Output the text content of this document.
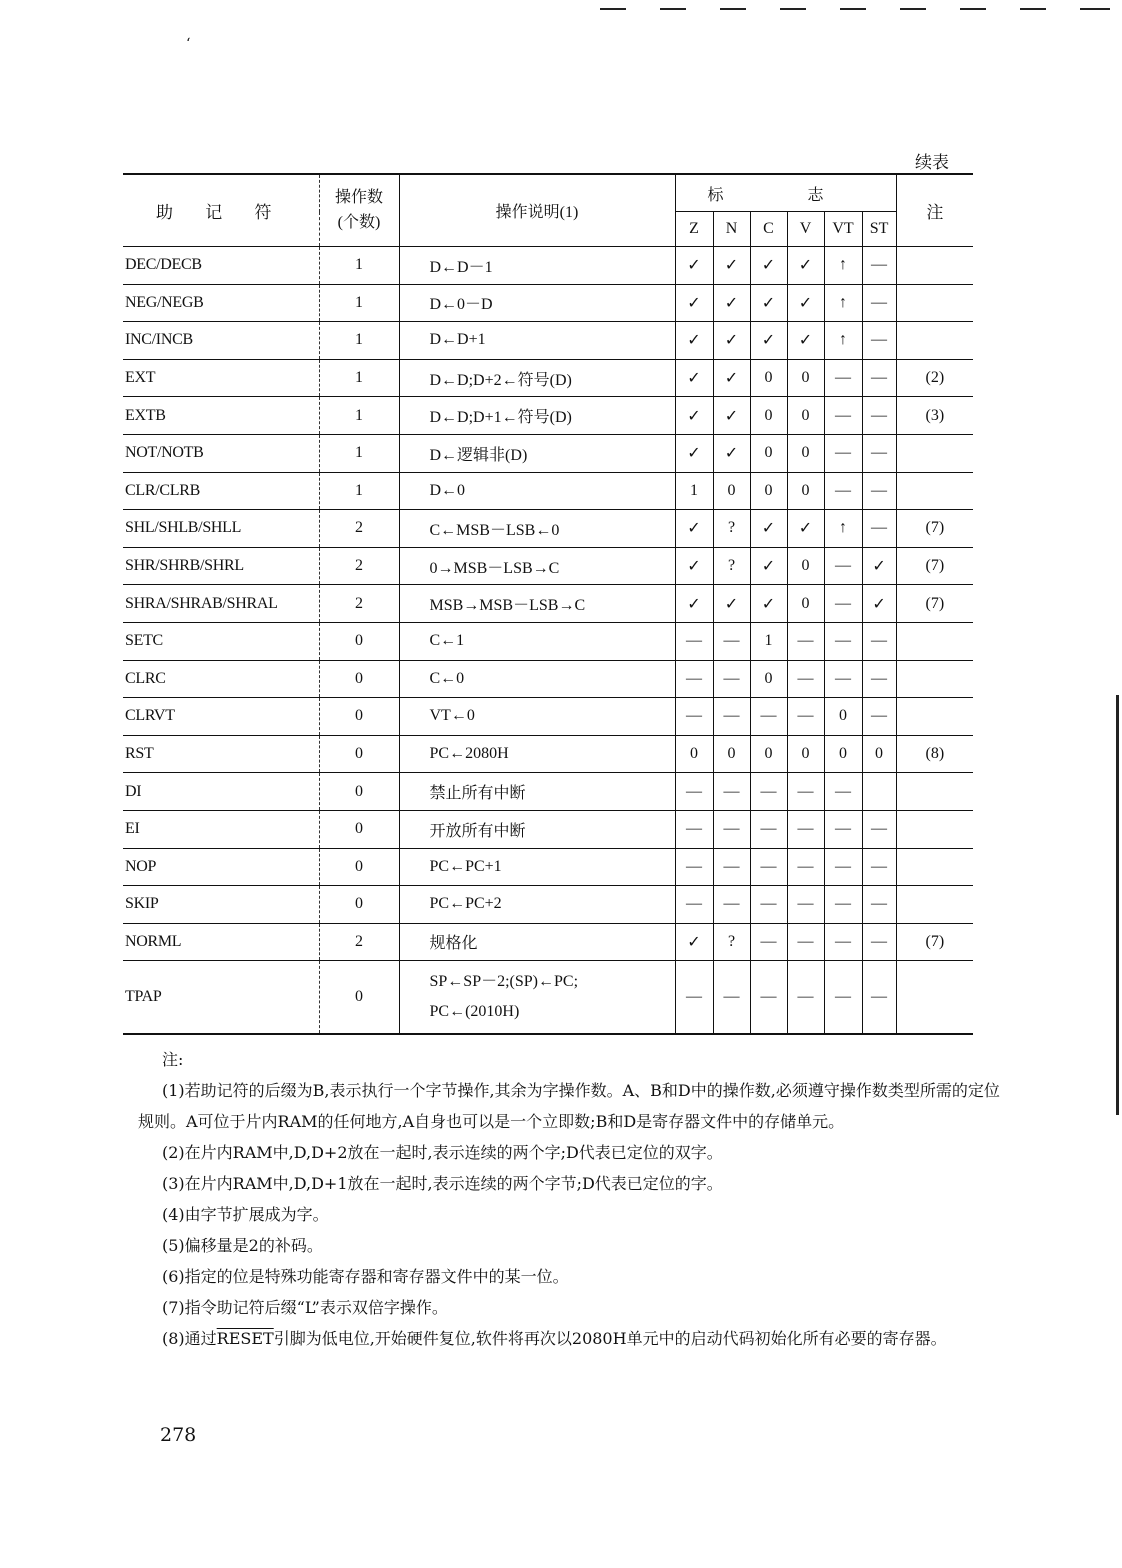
‘
续表
助 记 符	操作数
(个数)	操作说明(1)	标 志						注
			Z	N	C	V	VT	ST	
DEC/DECB	1	D←D－1	✓	✓	✓	✓	↑	—	
NEG/NEGB	1	D←0－D	✓	✓	✓	✓	↑	—	
INC/INCB	1	D←D+1	✓	✓	✓	✓	↑	—	
EXT	1	D←D;D+2←符号(D)	✓	✓	0	0	—	—	(2)
EXTB	1	D←D;D+1←符号(D)	✓	✓	0	0	—	—	(3)
NOT/NOTB	1	D←逻辑非(D)	✓	✓	0	0	—	—	
CLR/CLRB	1	D←0	1	0	0	0	—	—	
SHL/SHLB/SHLL	2	C←MSB－LSB←0	✓	?	✓	✓	↑	—	(7)
SHR/SHRB/SHRL	2	0→MSB－LSB→C	✓	?	✓	0	—	✓	(7)
SHRA/SHRAB/SHRAL	2	MSB→MSB－LSB→C	✓	✓	✓	0	—	✓	(7)
SETC	0	C←1	—	—	1	—	—	—	
CLRC	0	C←0	—	—	0	—	—	—	
CLRVT	0	VT←0	—	—	—	—	0	—	
RST	0	PC←2080H	0	0	0	0	0	0	(8)
DI	0	禁止所有中断	—	—	—	—	—		
EI	0	开放所有中断	—	—	—	—	—	—	
NOP	0	PC←PC+1	—	—	—	—	—	—	
SKIP	0	PC←PC+2	—	—	—	—	—	—	
NORML	2	规格化	✓	?	—	—	—	—	(7)
TPAP	0	SP←SP－2;(SP)←PC;
PC←(2010H)	—	—	—	—	—	—	

注:

(1)若助记符的后缀为B,表示执行一个字节操作,其余为字操作数。A、B和D中的操作数,必须遵守操作数类型所需的定位规则。A可位于片内RAM的任何地方,A自身也可以是一个立即数;B和D是寄存器文件中的存储单元。

(2)在片内RAM中,D,D+2放在一起时,表示连续的两个字;D代表已定位的双字。

(3)在片内RAM中,D,D+1放在一起时,表示连续的两个字节;D代表已定位的字。

(4)由字节扩展成为字。

(5)偏移量是2的补码。

(6)指定的位是特殊功能寄存器和寄存器文件中的某一位。

(7)指令助记符后缀“L”表示双倍字操作。

(8)通过RESET引脚为低电位,开始硬件复位,软件将再次以2080H单元中的启动代码初始化所有必要的寄存器。

278
